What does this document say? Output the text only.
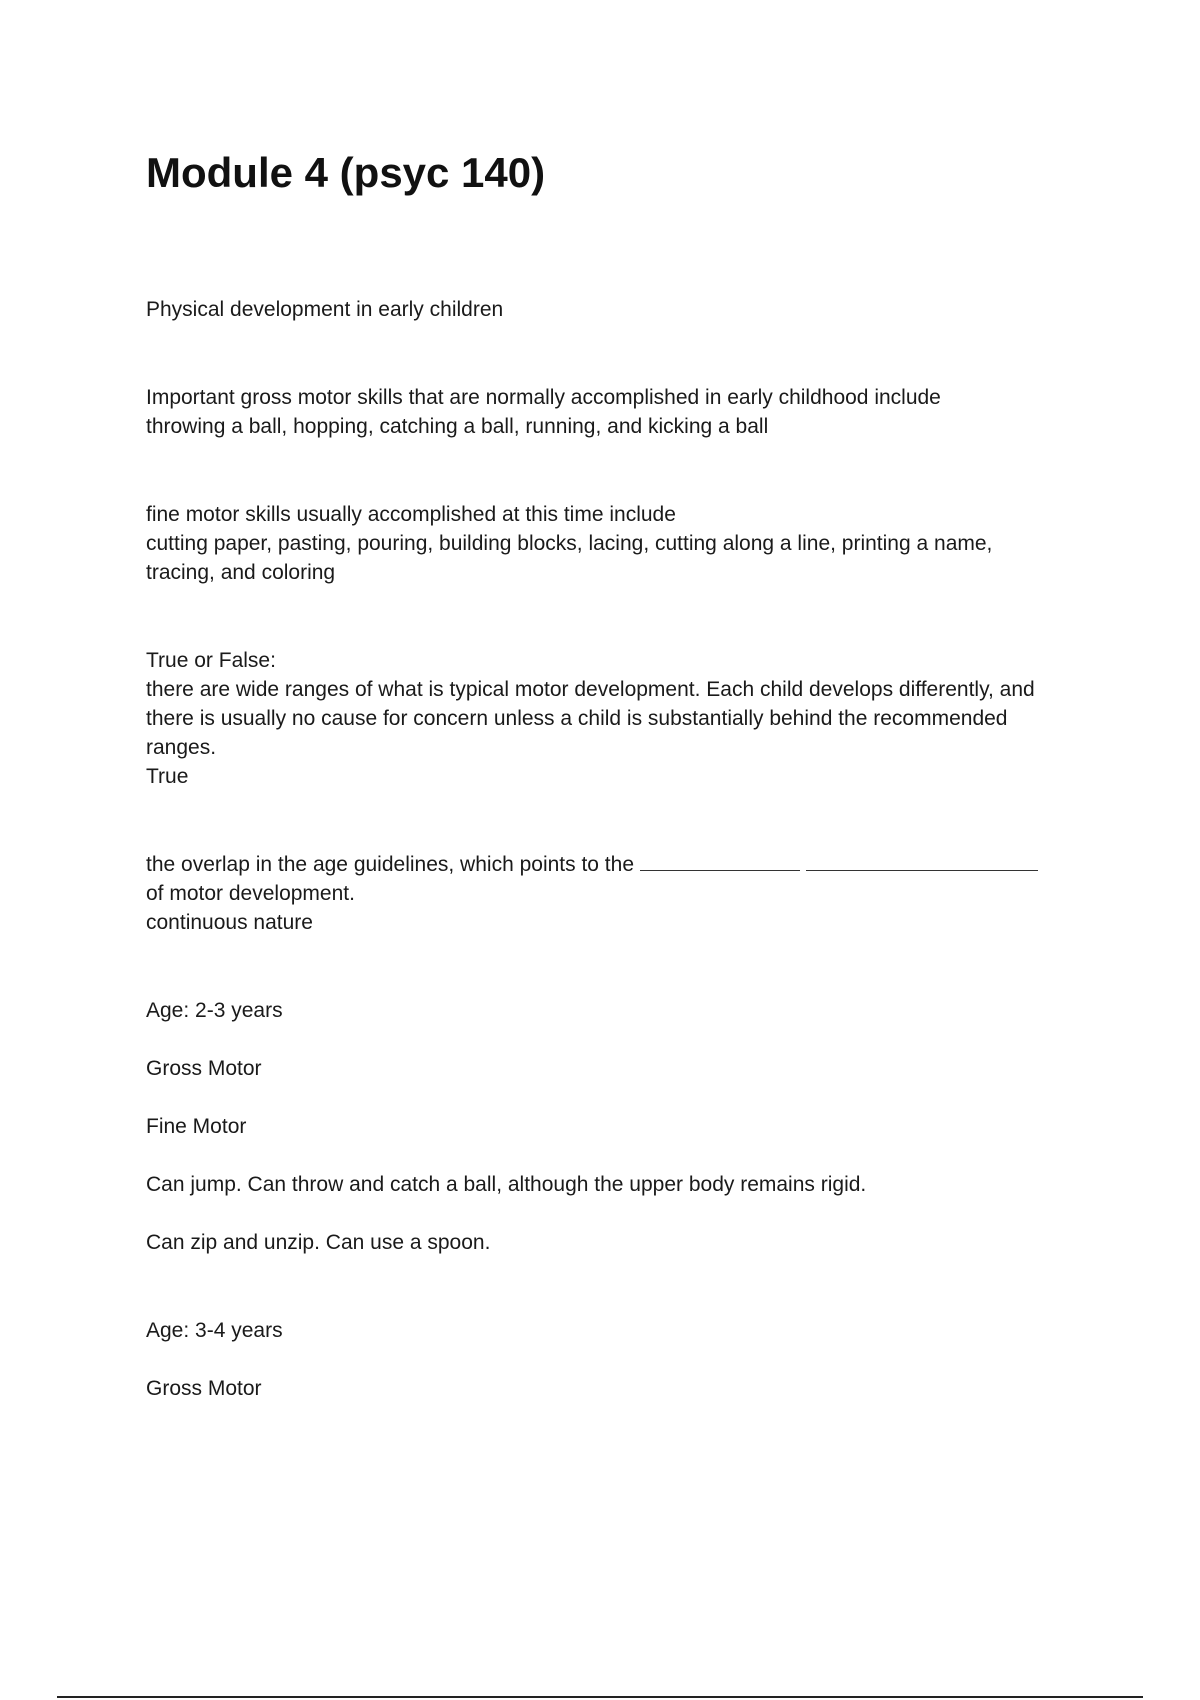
Module 4 (psyc 140)

Physical development in early children

Important gross motor skills that are normally accomplished in early childhood include

throwing a ball, hopping, catching a ball, running, and kicking a ball

fine motor skills usually accomplished at this time include

cutting paper, pasting, pouring, building blocks, lacing, cutting along a line, printing a name,

tracing, and coloring

True or False:

there are wide ranges of what is typical motor development. Each child develops differently, and

there is usually no cause for concern unless a child is substantially behind the recommended

ranges.

True

the overlap in the age guidelines, which points to the

of motor development.

continuous nature

Age: 2-3 years

Gross Motor

Fine Motor

Can jump. Can throw and catch a ball, although the upper body remains rigid.

Can zip and unzip. Can use a spoon.

Age: 3-4 years

Gross Motor
